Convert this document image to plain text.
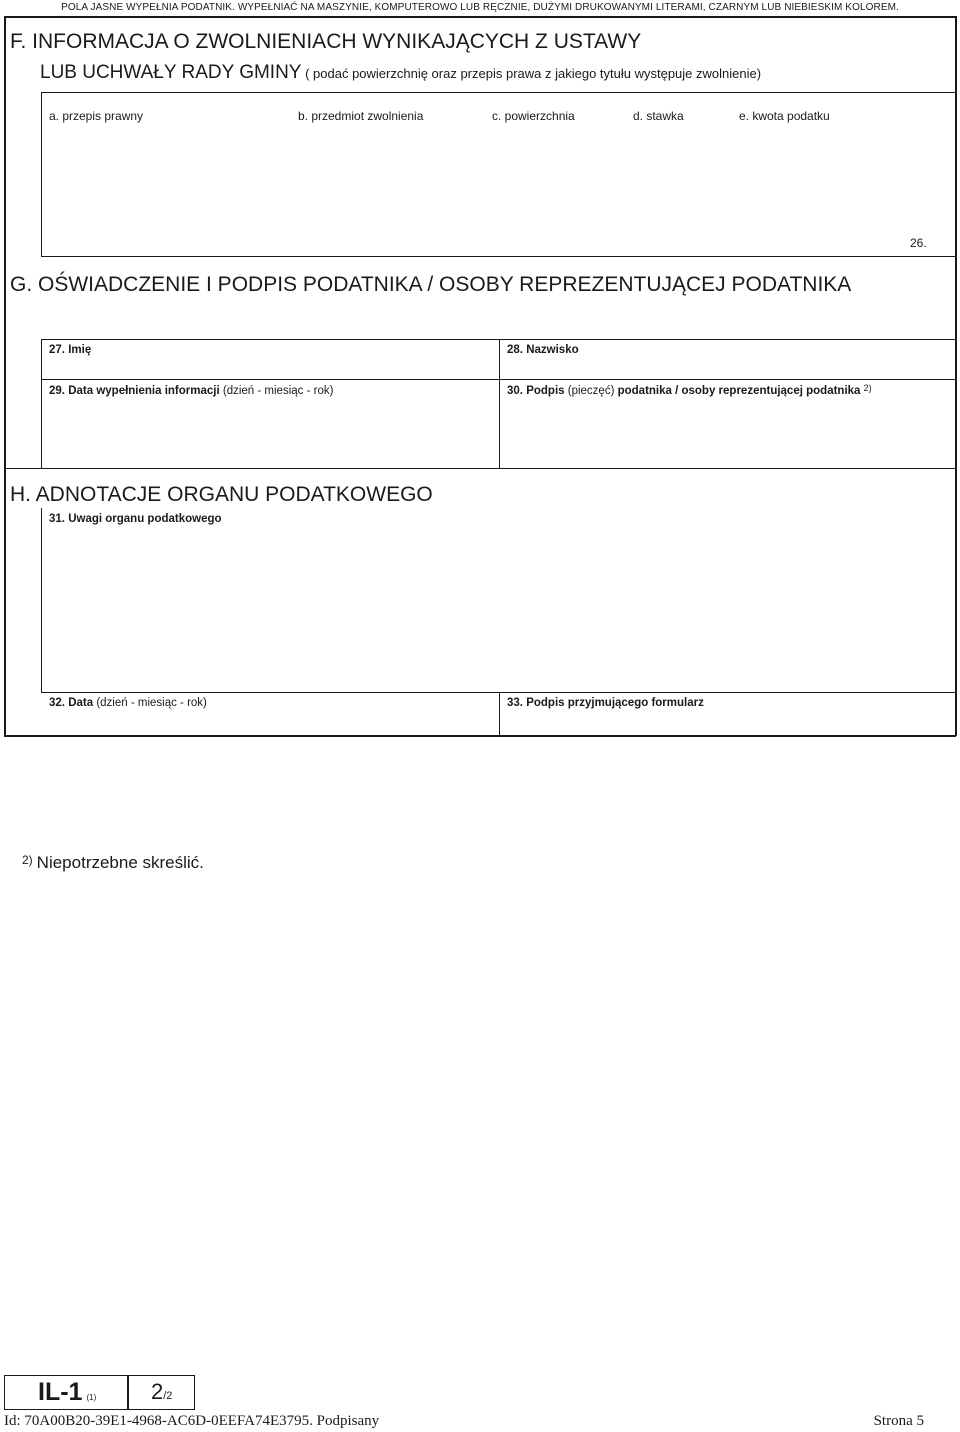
POLA JASNE WYPEŁNIA PODATNIK. WYPEŁNIAĆ NA MASZYNIE, KOMPUTEROWO LUB RĘCZNIE, DUŻYMI DRUKOWANYMI LITERAMI, CZARNYM LUB NIEBIESKIM KOLOREM.
F. INFORMACJA O ZWOLNIENIACH WYNIKAJĄCYCH Z USTAWY
LUB UCHWAŁY RADY GMINY ( podać powierzchnię oraz przepis prawa z jakiego tytułu występuje zwolnienie)
a. przepis prawny	b. przedmiot zwolnienia	c. powierzchnia	d. stawka	e. kwota podatku
26.
G. OŚWIADCZENIE I PODPIS PODATNIKA / OSOBY REPREZENTUJĄCEJ PODATNIKA
27. Imię	28. Nazwisko
29. Data wypełnienia informacji (dzień - miesiąc - rok)	30. Podpis (pieczęć) podatnika / osoby reprezentującej podatnika $^{2)}$
H. ADNOTACJE ORGANU PODATKOWEGO
31. Uwagi organu podatkowego
32. Data (dzień - miesiąc - rok)	33. Podpis przyjmującego formularz
$^{2)}$ Niepotrzebne skreślić.
IL-1 (1) 2/2
Id: 70A00B20-39E1-4968-AC6D-0EEFA74E3795. Podpisany	Strona 5
